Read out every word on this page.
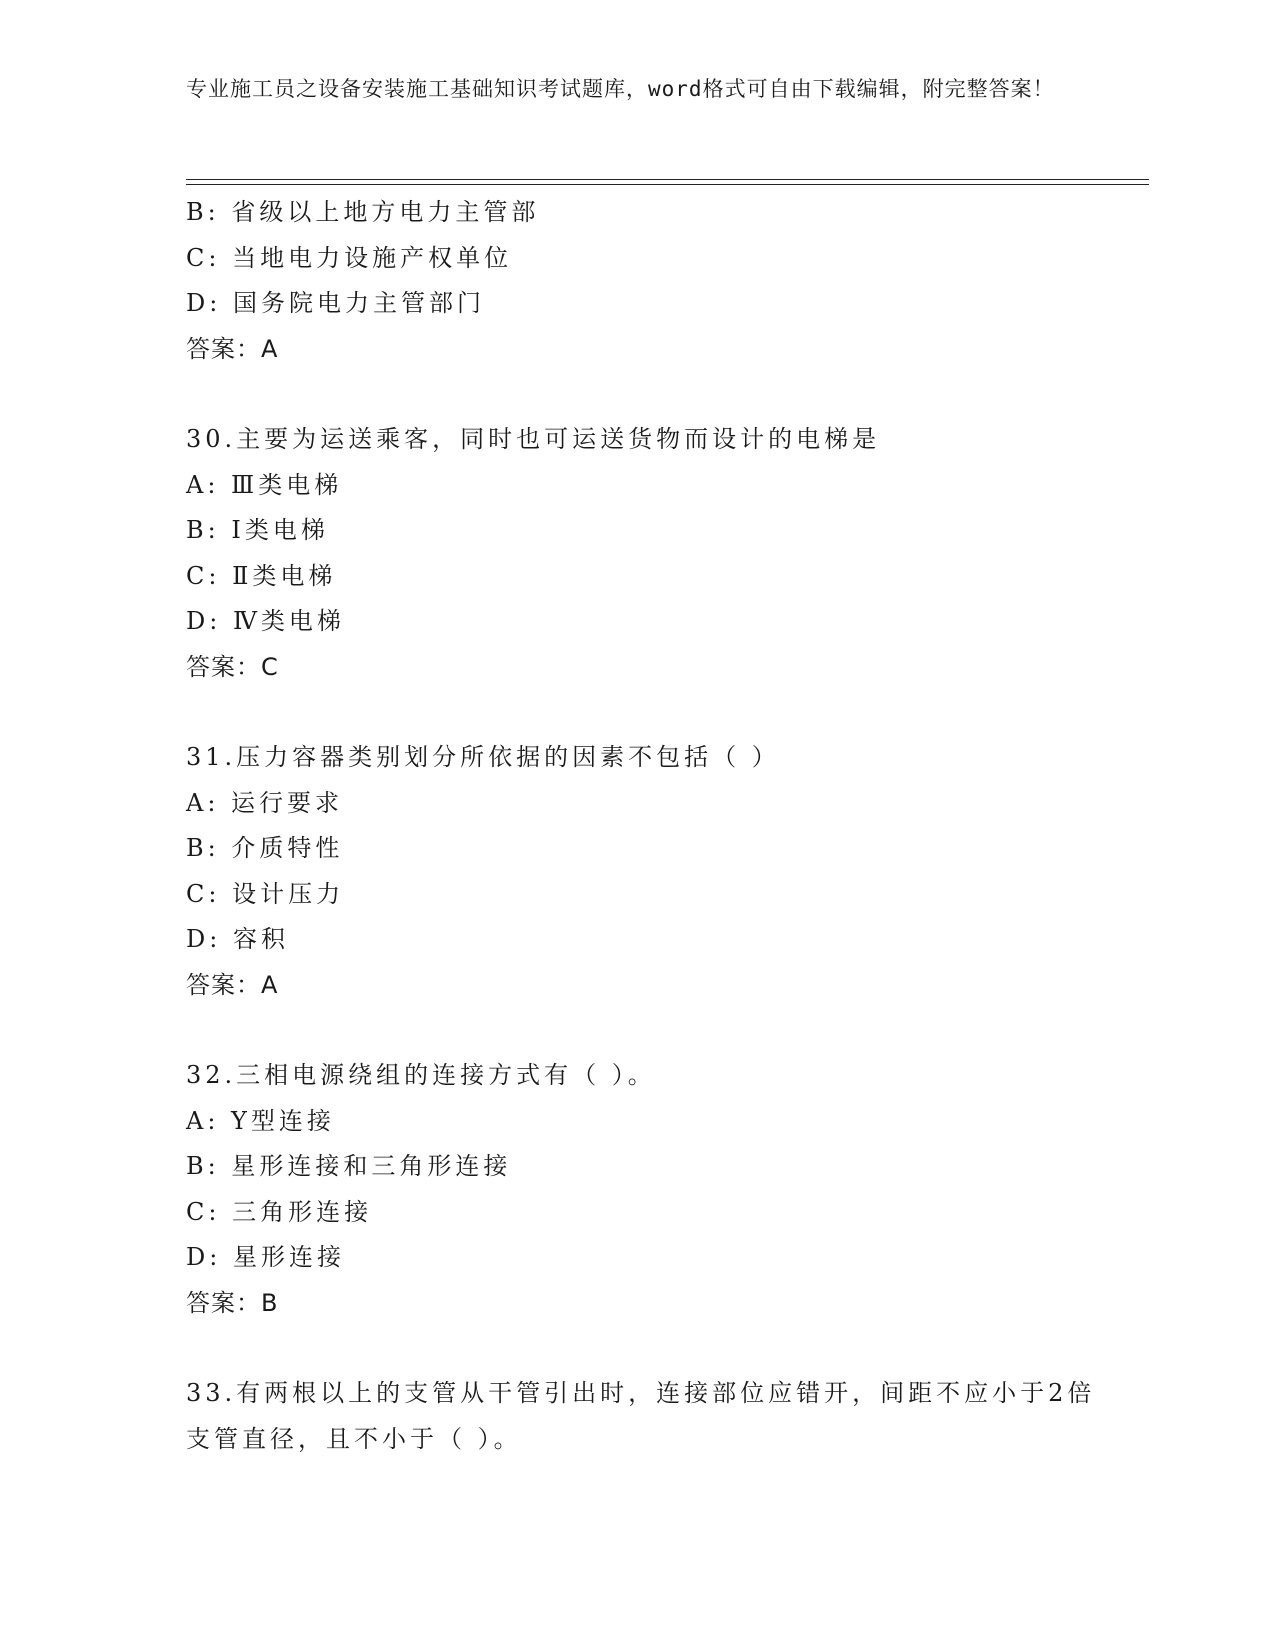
专业施工员之设备安装施工基础知识考试题库，word格式可自由下载编辑，附完整答案！
B: 省级以上地方电力主管部
C: 当地电力设施产权单位
D: 国务院电力主管部门
答案：A
30.主要为运送乘客，同时也可运送货物而设计的电梯是
A: Ⅲ类电梯
B: Ⅰ类电梯
C: Ⅱ类电梯
D: Ⅳ类电梯
答案：C
31.压力容器类别划分所依据的因素不包括（ ）
A: 运行要求
B: 介质特性
C: 设计压力
D: 容积
答案：A
32.三相电源绕组的连接方式有（ ）。
A: Y型连接
B: 星形连接和三角形连接
C: 三角形连接
D: 星形连接
答案：B
33.有两根以上的支管从干管引出时，连接部位应错开，间距不应小于2倍支管直径，且不小于（ ）。
